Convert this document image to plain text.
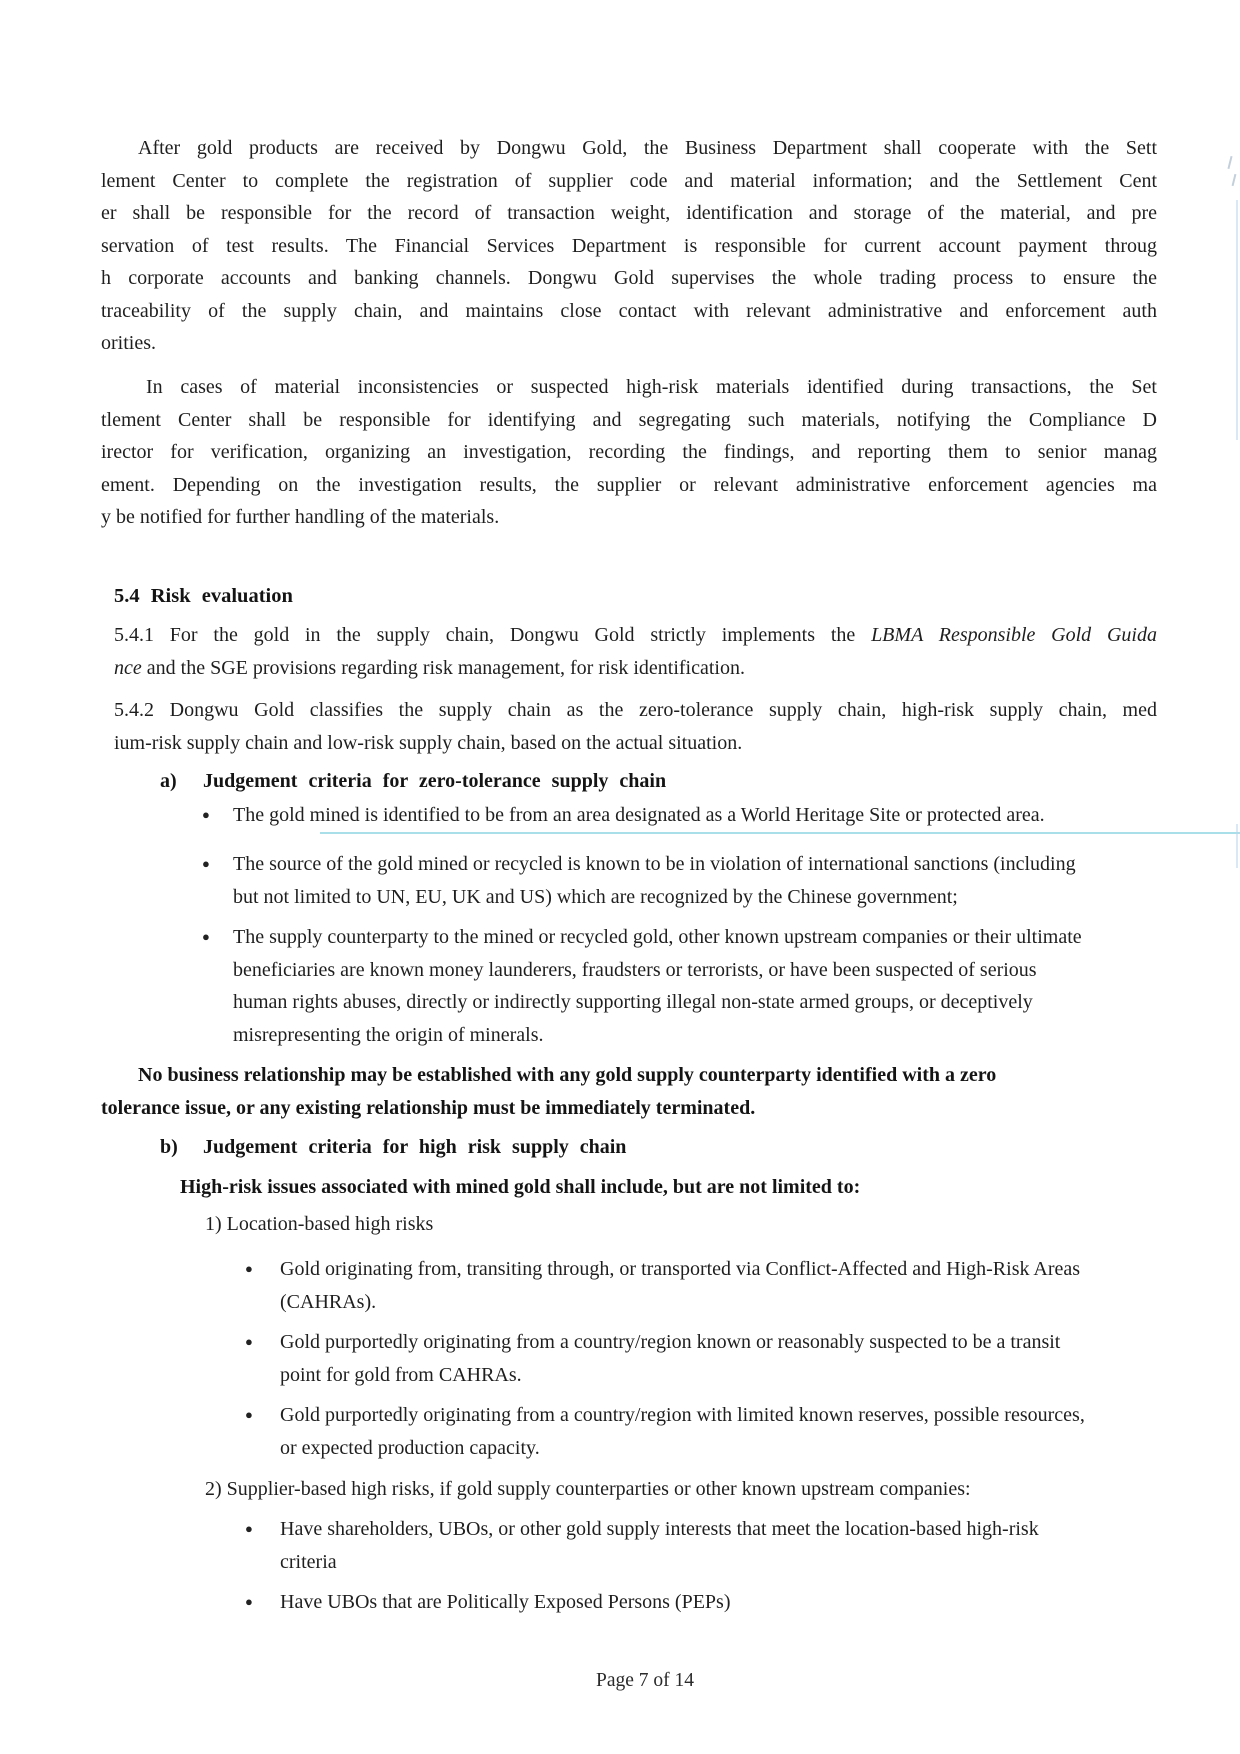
After gold products are received by Dongwu Gold, the Business Department shall cooperate with the Sett
lement Center to complete the registration of supplier code and material information; and the Settlement Cent
er shall be responsible for the record of transaction weight, identification and storage of the material, and pre
servation of test results. The Financial Services Department is responsible for current account payment throug
h corporate accounts and banking channels. Dongwu Gold supervises the whole trading process to ensure the
traceability of the supply chain, and maintains close contact with relevant administrative and enforcement auth
orities.
In cases of material inconsistencies or suspected high-risk materials identified during transactions, the Set
tlement Center shall be responsible for identifying and segregating such materials, notifying the Compliance D
irector for verification, organizing an investigation, recording the findings, and reporting them to senior manag
ement. Depending on the investigation results, the supplier or relevant administrative enforcement agencies ma
y be notified for further handling of the materials.
5.4 Risk evaluation
5.4.1 For the gold in the supply chain, Dongwu Gold strictly implements the LBMA Responsible Gold Guida
nce and the SGE provisions regarding risk management, for risk identification.
5.4.2 Dongwu Gold classifies the supply chain as the zero-tolerance supply chain, high-risk supply chain, med
ium-risk supply chain and low-risk supply chain, based on the actual situation.
a)	Judgement criteria for zero-tolerance supply chain
●	The gold mined is identified to be from an area designated as a World Heritage Site or protected area.
●	The source of the gold mined or recycled is known to be in violation of international sanctions (including
but not limited to UN, EU, UK and US) which are recognized by the Chinese government;
●	The supply counterparty to the mined or recycled gold, other known upstream companies or their ultimate
beneficiaries are known money launderers, fraudsters or terrorists, or have been suspected of serious
human rights abuses, directly or indirectly supporting illegal non-state armed groups, or deceptively
misrepresenting the origin of minerals.
No business relationship may be established with any gold supply counterparty identified with a zero
tolerance issue, or any existing relationship must be immediately terminated.
b)	Judgement criteria for high risk supply chain
High-risk issues associated with mined gold shall include, but are not limited to:
1) Location-based high risks
●	Gold originating from, transiting through, or transported via Conflict-Affected and High-Risk Areas
(CAHRAs).
●	Gold purportedly originating from a country/region known or reasonably suspected to be a transit
point for gold from CAHRAs.
●	Gold purportedly originating from a country/region with limited known reserves, possible resources,
or expected production capacity.
2) Supplier-based high risks, if gold supply counterparties or other known upstream companies:
●	Have shareholders, UBOs, or other gold supply interests that meet the location-based high-risk
criteria
●	Have UBOs that are Politically Exposed Persons (PEPs)
Page 7 of 14
